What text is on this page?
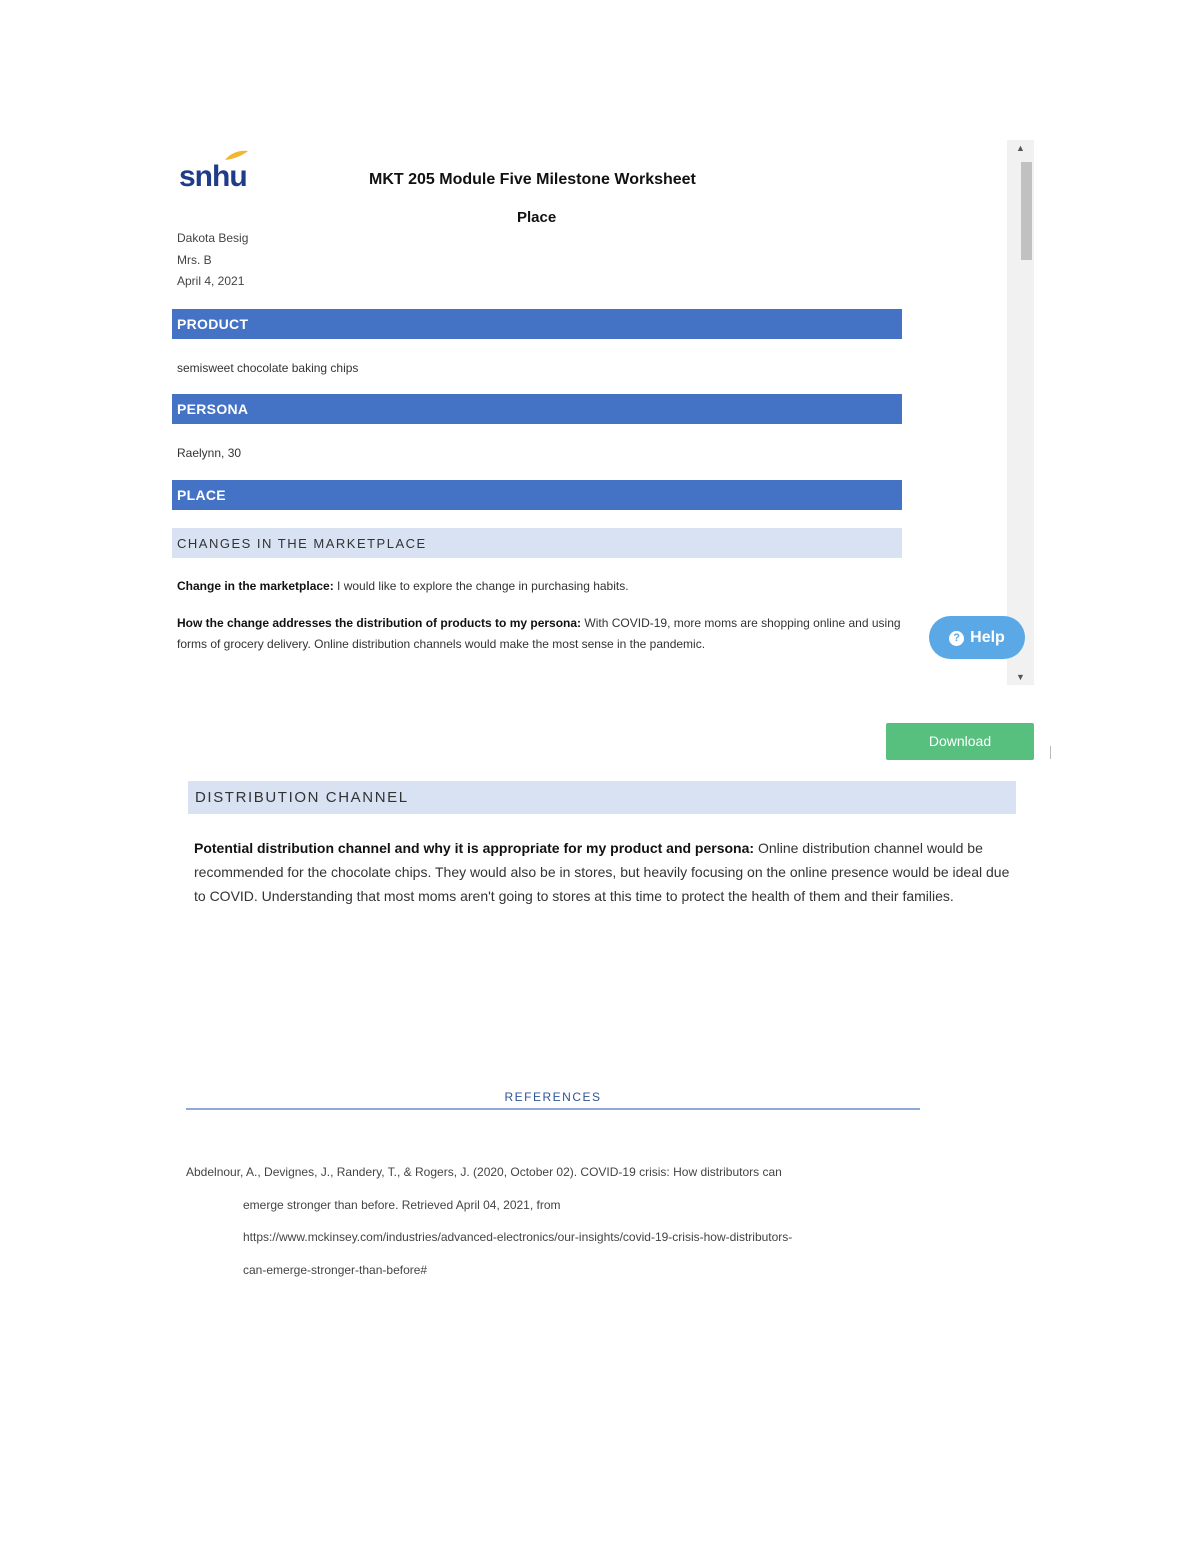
snhu	MKT 205 Module Five Milestone Worksheet
Place
Dakota Besig
Mrs. B
April 4, 2021
PRODUCT
semisweet chocolate baking chips
PERSONA
Raelynn, 30
PLACE
CHANGES IN THE MARKETPLACE
Change in the marketplace: I would like to explore the change in purchasing habits.
How the change addresses the distribution of products to my persona: With COVID-19, more moms are shopping online and using forms of grocery delivery. Online distribution channels would make the most sense in the pandemic.
▲
▼
? Help
Download
DISTRIBUTION CHANNEL
Potential distribution channel and why it is appropriate for my product and persona: Online distribution channel would be recommended for the chocolate chips. They would also be in stores, but heavily focusing on the online presence would be ideal due to COVID. Understanding that most moms aren't going to stores at this time to protect the health of them and their families.
REFERENCES
Abdelnour, A., Devignes, J., Randery, T., & Rogers, J. (2020, October 02). COVID-19 crisis: How distributors can
emerge stronger than before. Retrieved April 04, 2021, from
https://www.mckinsey.com/industries/advanced-electronics/our-insights/covid-19-crisis-how-distributors-
can-emerge-stronger-than-before#
